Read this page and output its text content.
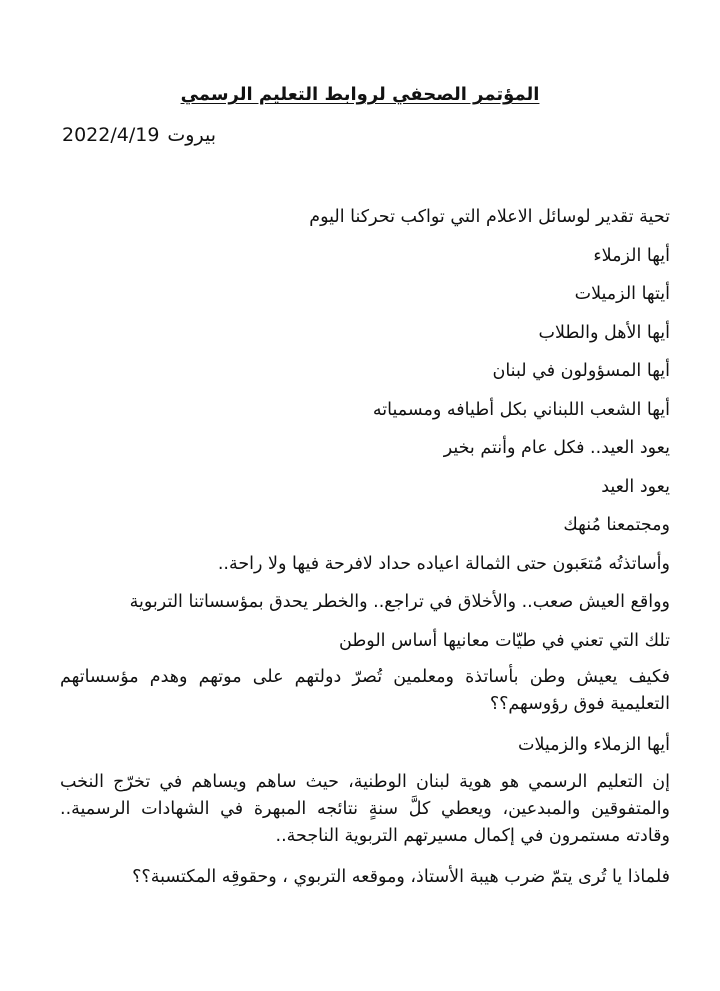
المؤتمر الصحفي لروابط التعليم الرسمي
2022/4/19 بيروت

تحية تقدير لوسائل الاعلام التي تواكب تحركنا اليوم

أيها الزملاء

أيتها الزميلات

أيها الأهل والطلاب

أيها المسؤولون في لبنان

أيها الشعب اللبناني بكل أطيافه ومسمياته

يعود العيد.. فكل عام وأنتم بخير

يعود العيد

ومجتمعنا مُنهك

وأساتذتُه مُتعَبون حتى الثمالة اعياده حداد لافرحة فيها ولا راحة..

وواقع العيش صعب.. والأخلاق في تراجع.. والخطر يحدق بمؤسساتنا التربوية

تلك التي تعني في طيّات معانيها أساس الوطن

فكيف يعيش وطن بأساتذة ومعلمين تُصرّ دولتهم على موتهم وهدم مؤسساتهم التعليمية فوق رؤوسهم؟؟

أيها الزملاء والزميلات

إن التعليم الرسمي هو هوية لبنان الوطنية، حيث ساهم ويساهم في تخرّج النخب والمتفوقين والمبدعين، ويعطي كلَّ سنةٍ نتائجه المبهرة في الشهادات الرسمية.. وقادته مستمرون في إكمال مسيرتهم التربوية الناجحة..

فلماذا يا تُرى يتمّ ضرب هيبة الأستاذ، وموقعه التربوي ، وحقوقِه المكتسبة؟؟
